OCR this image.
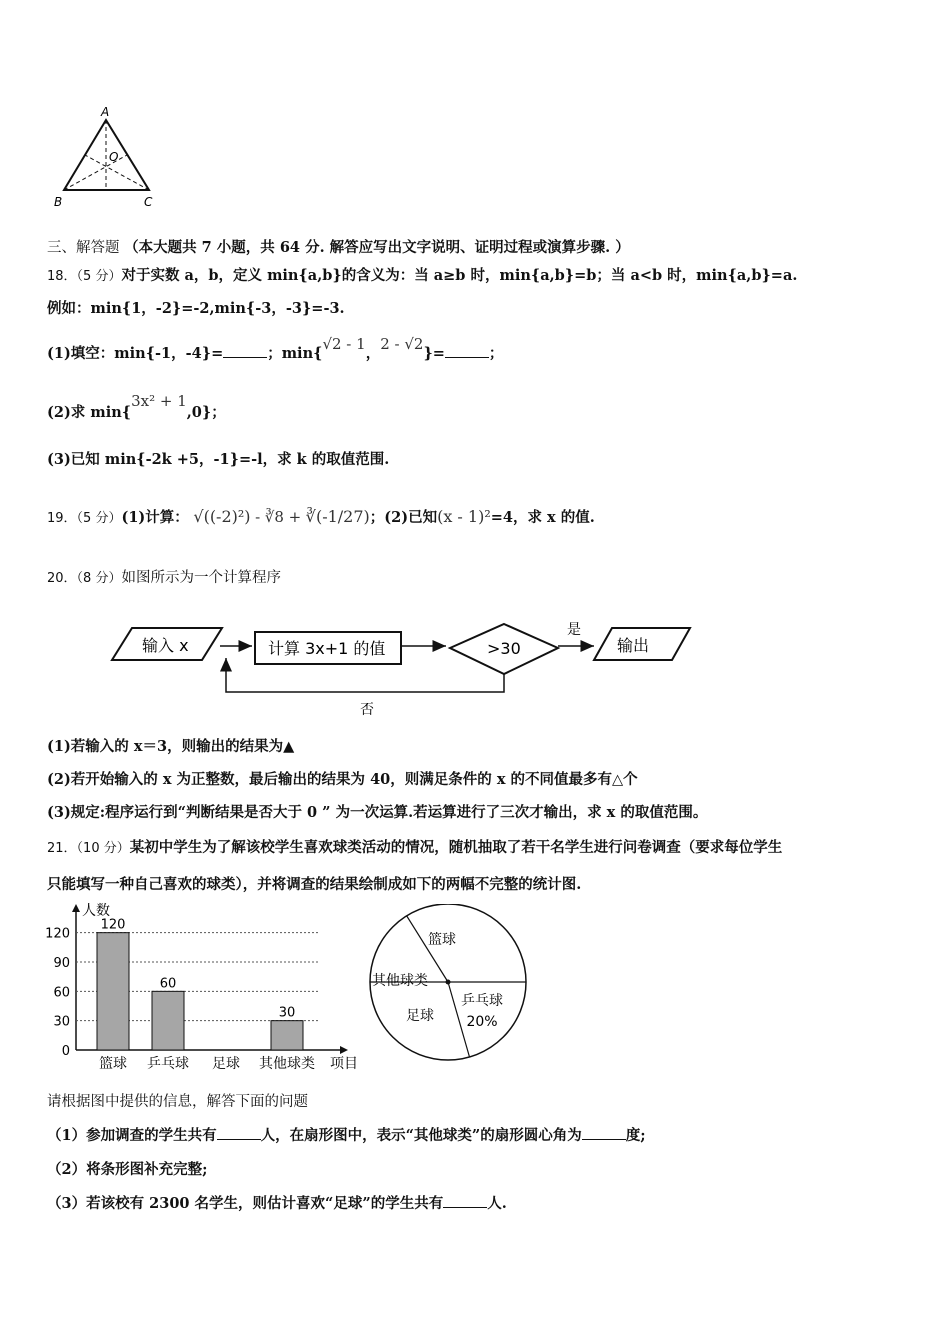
A
B	C
O
三、解答题 （本大题共 7 小题，共 64 分. 解答应写出文字说明、证明过程或演算步骤. ）
18．（5 分）对于实数 a，b，定义 min{a,b}的含义为：当 a≥b 时，min{a,b}=b；当 a<b 时，min{a,b}=a.
例如：min{1，-2}=-2,min{-3，-3}=-3.
(1)填空：min{-1，-4}=	；min{√2 - 1，2 - √2}=	；
(2)求 min{3x² + 1,0}；
(3)已知 min{-2k +5，-1}=-l，求 k 的取值范围.
19．（5 分）(1)计算： √((-2)²) - ∛8 + ∛(-1/27)；(2)已知(x - 1)²=4，求 x 的值.
20．（8 分）如图所示为一个计算程序
输入 x	计算 3x+1 的值	>30
是
输出
否
(1)若输入的 x＝3，则输出的结果为▲
(2)若开始输入的 x 为正整数，最后输出的结果为 40，则满足条件的 x 的不同值最多有△个
(3)规定:程序运行到“判断结果是否大于 0 ” 为一次运算.若运算进行了三次才输出，求 x 的取值范围。
21．（10 分）某初中学生为了解该校学生喜欢球类活动的情况，随机抽取了若干名学生进行问卷调查（要求每位学生
只能填写一种自己喜欢的球类），并将调查的结果绘制成如下的两幅不完整的统计图.
人数
项目
0
30
60
90
120
120
篮球
60
乒乓球 足球
30
其他球类
篮球
乒乓球
足球
其他球类
20%
请根据图中提供的信息，解答下面的问题
（1）参加调查的学生共有	人，在扇形图中，表示“其他球类”的扇形圆心角为	度;
（2）将条形图补充完整;
（3）若该校有 2300 名学生，则估计喜欢“足球”的学生共有	人.
